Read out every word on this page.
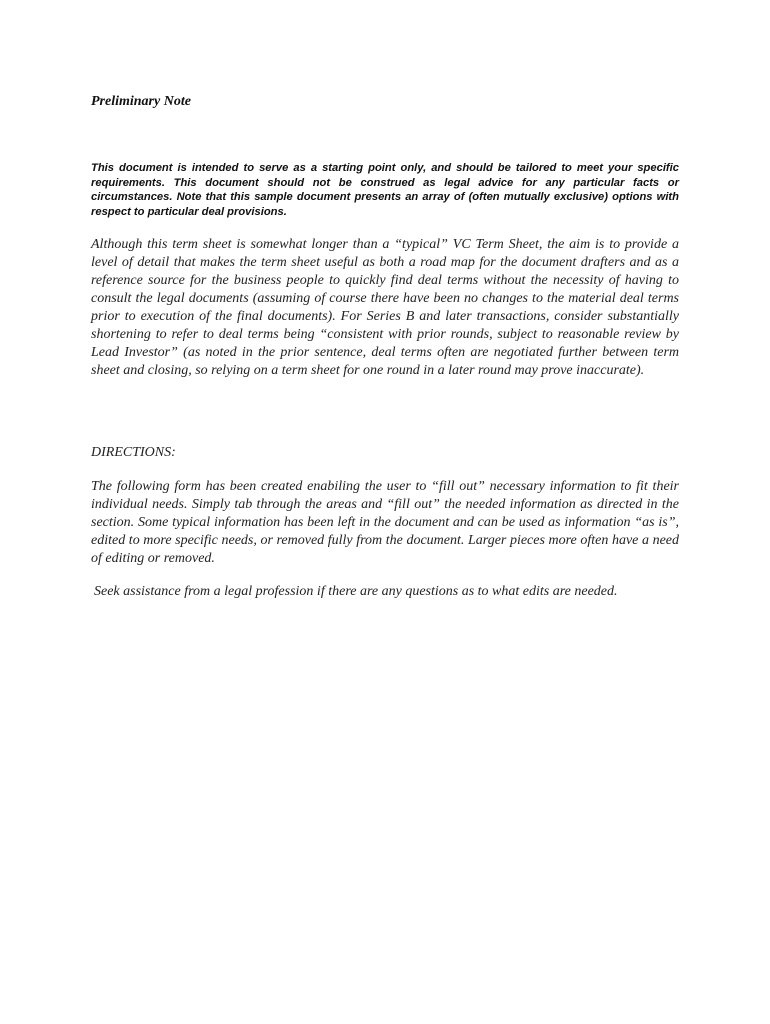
Preliminary Note

This document is intended to serve as a starting point only, and should be tailored to meet your specific requirements. This document should not be construed as legal advice for any particular facts or circumstances. Note that this sample document presents an array of (often mutually exclusive) options with respect to particular deal provisions.

Although this term sheet is somewhat longer than a “typical” VC Term Sheet, the aim is to provide a level of detail that makes the term sheet useful as both a road map for the document drafters and as a reference source for the business people to quickly find deal terms without the necessity of having to consult the legal documents (assuming of course there have been no changes to the material deal terms prior to execution of the final documents). For Series B and later transactions, consider substantially shortening to refer to deal terms being “consistent with prior rounds, subject to reasonable review by Lead Investor” (as noted in the prior sentence, deal terms often are negotiated further between term sheet and closing, so relying on a term sheet for one round in a later round may prove inaccurate).

DIRECTIONS:

The following form has been created enabiling the user to “fill out” necessary information to fit their individual needs. Simply tab through the areas and “fill out” the needed information as directed in the section. Some typical information has been left in the document and can be used as information “as is”, edited to more specific needs, or removed fully from the document. Larger pieces more often have a need of editing or removed.

Seek assistance from a legal profession if there are any questions as to what edits are needed.
